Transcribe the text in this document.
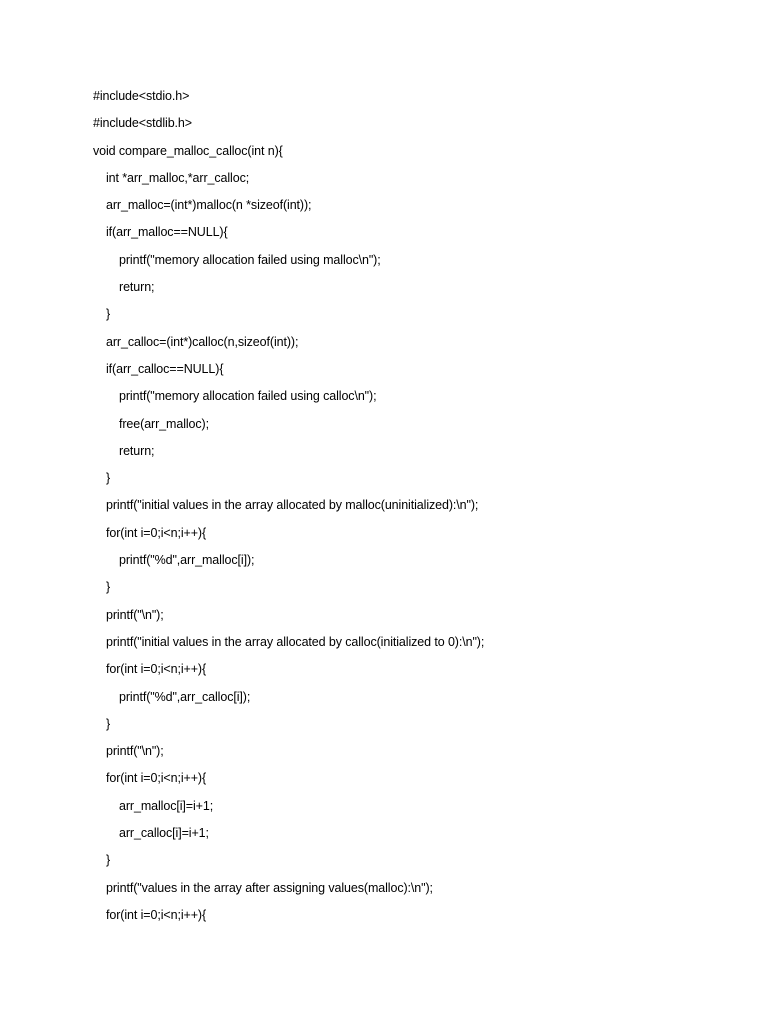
#include<stdio.h>
#include<stdlib.h>
void compare_malloc_calloc(int n){
int *arr_malloc,*arr_calloc;
arr_malloc=(int*)malloc(n *sizeof(int));
if(arr_malloc==NULL){
printf("memory allocation failed using malloc\n");
return;
}
arr_calloc=(int*)calloc(n,sizeof(int));
if(arr_calloc==NULL){
printf("memory allocation failed using calloc\n");
free(arr_malloc);
return;
}
printf("initial values in the array allocated by malloc(uninitialized):\n");
for(int i=0;i<n;i++){
printf("%d",arr_malloc[i]);
}
printf("\n");
printf("initial values in the array allocated by calloc(initialized to 0):\n");
for(int i=0;i<n;i++){
printf("%d",arr_calloc[i]);
}
printf("\n");
for(int i=0;i<n;i++){
arr_malloc[i]=i+1;
arr_calloc[i]=i+1;
}
printf("values in the array after assigning values(malloc):\n");
for(int i=0;i<n;i++){
